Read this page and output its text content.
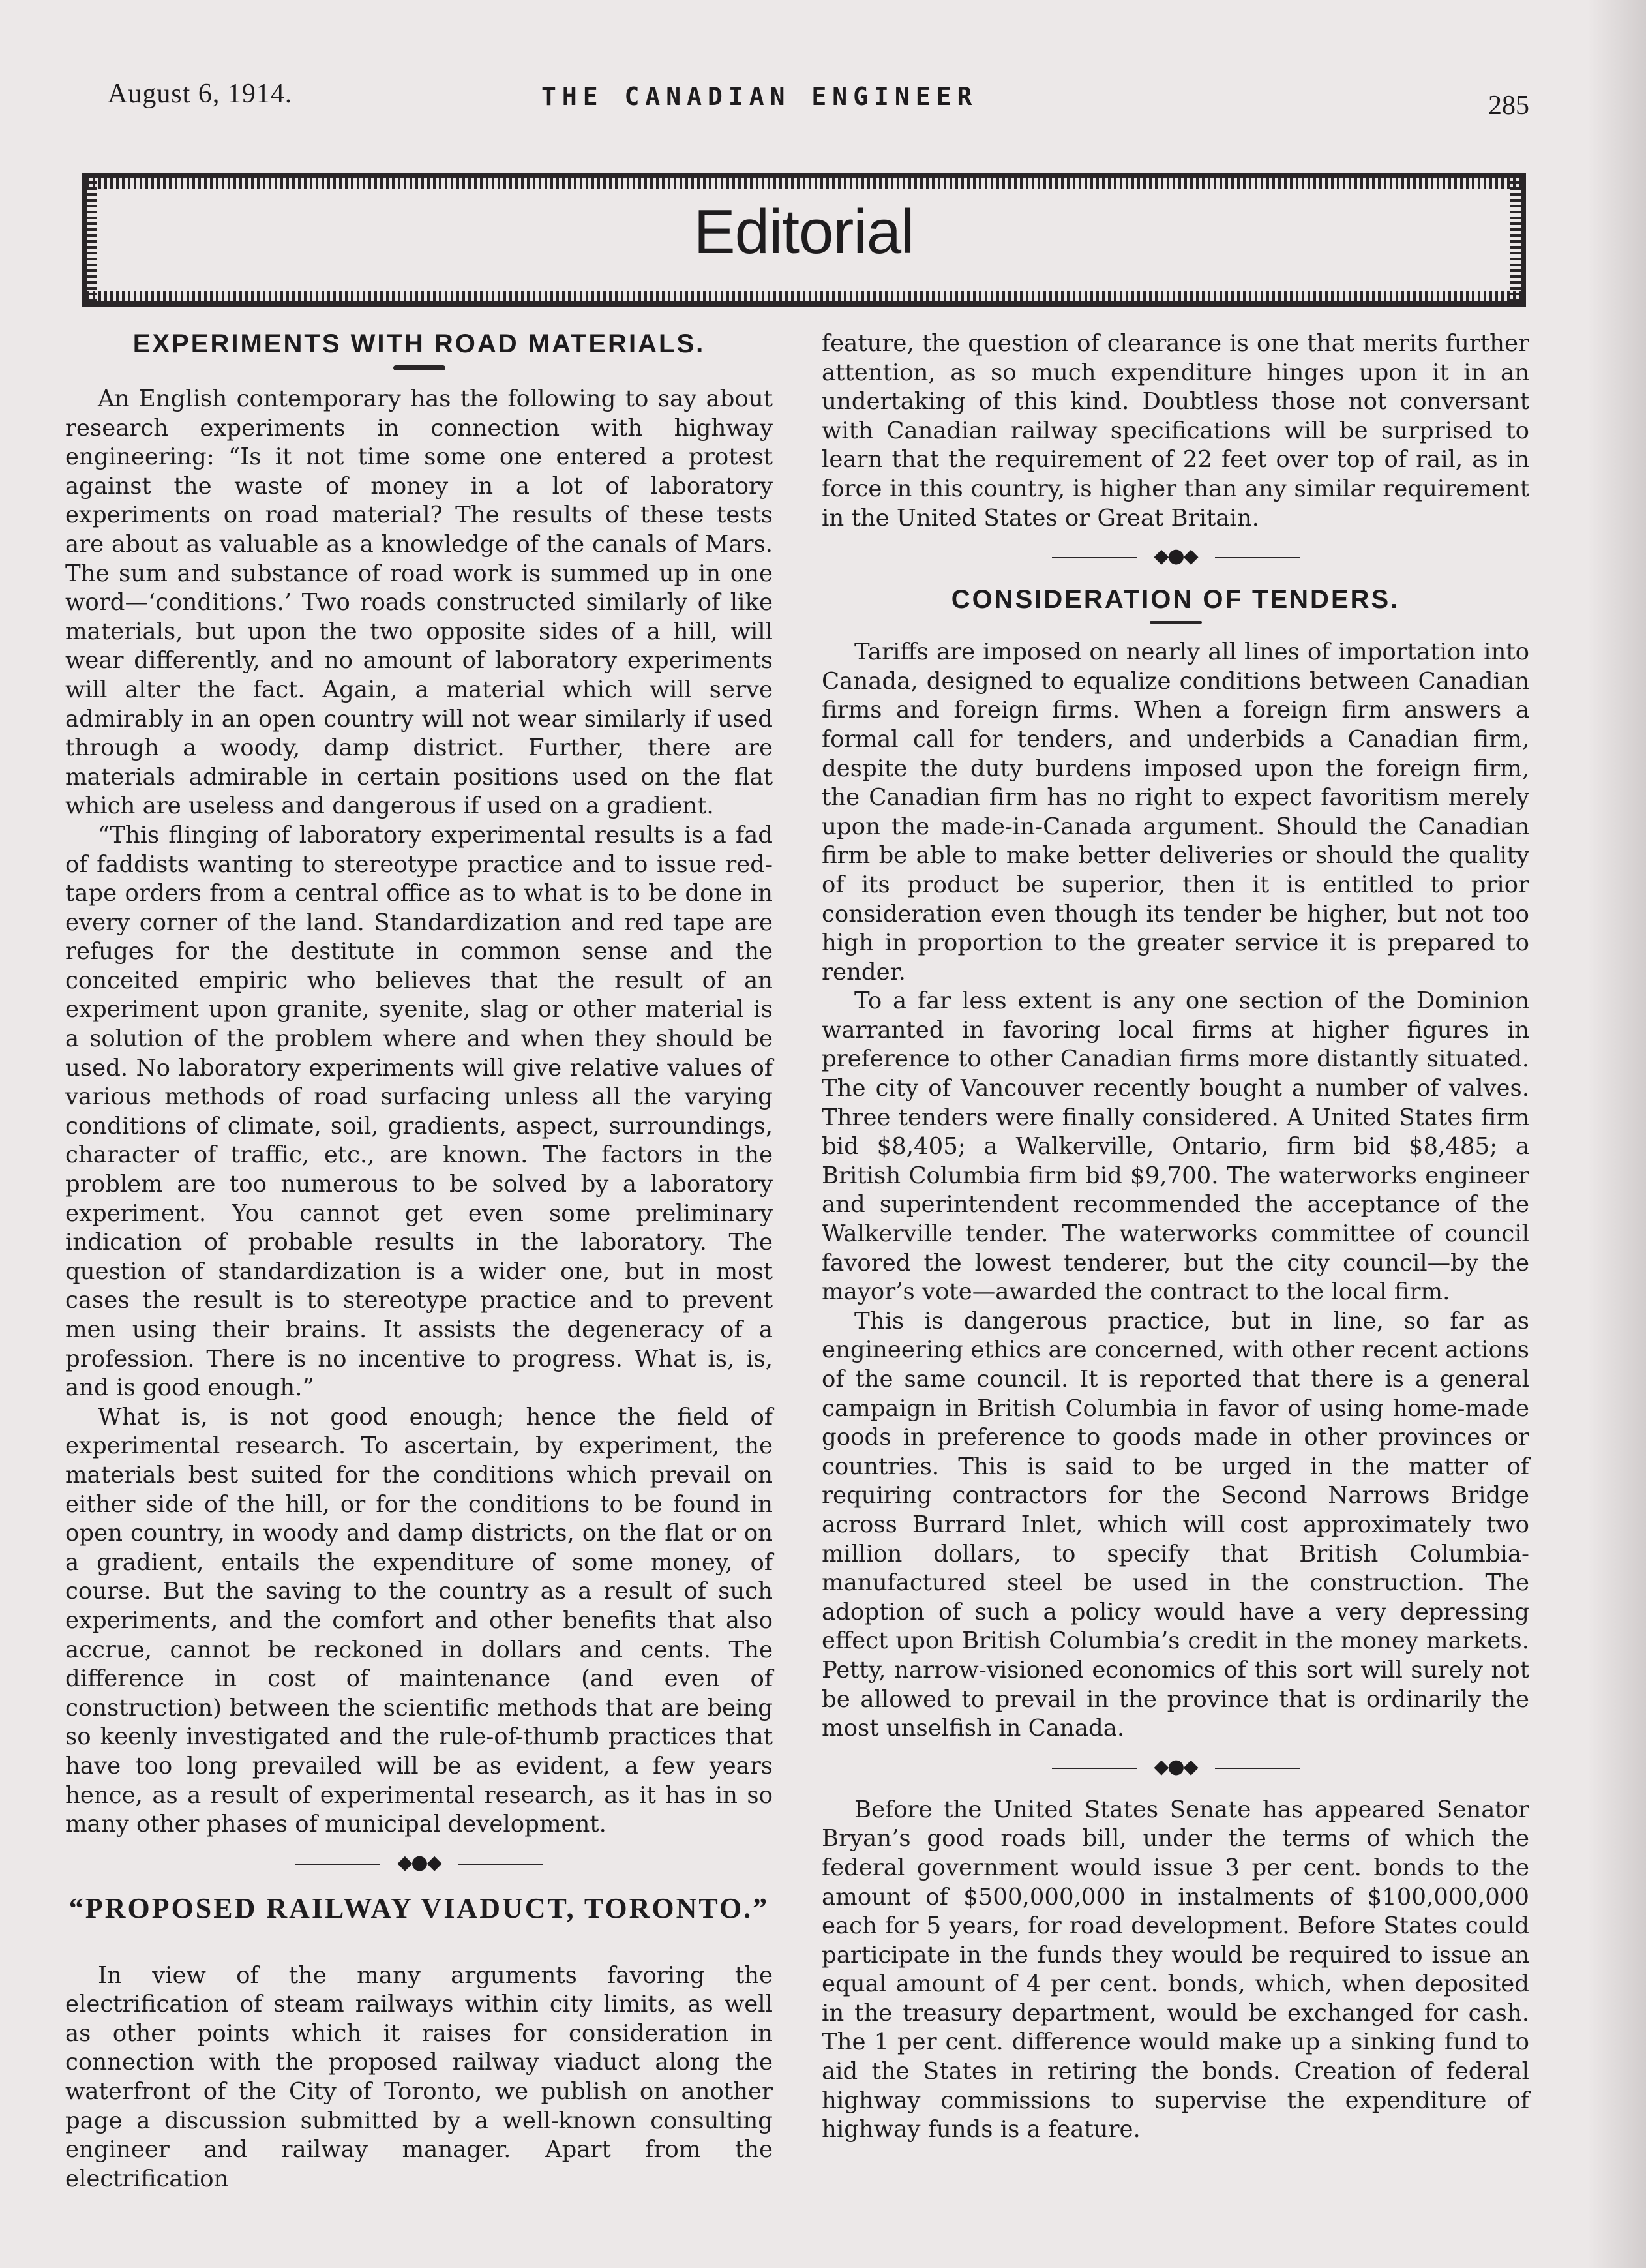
August 6, 1914.	THE CANADIAN ENGINEER	285
Editorial
EXPERIMENTS WITH ROAD MATERIALS.

An English contemporary has the following to say about research experiments in connection with highway engineering: “Is it not time some one entered a protest against the waste of money in a lot of laboratory experiments on road material? The results of these tests are about as valuable as a knowledge of the canals of Mars. The sum and substance of road work is summed up in one word—‘conditions.’ Two roads constructed similarly of like materials, but upon the two opposite sides of a hill, will wear differently, and no amount of laboratory experiments will alter the fact. Again, a material which will serve admirably in an open country will not wear similarly if used through a woody, damp district. Further, there are materials admirable in certain positions used on the flat which are useless and dangerous if used on a gradient.

“This flinging of laboratory experimental results is a fad of faddists wanting to stereotype practice and to issue red-tape orders from a central office as to what is to be done in every corner of the land. Standardization and red tape are refuges for the destitute in common sense and the conceited empiric who believes that the result of an experiment upon granite, syenite, slag or other material is a solution of the problem where and when they should be used. No laboratory experiments will give relative values of various methods of road surfacing unless all the varying conditions of climate, soil, gradients, aspect, surroundings, character of traffic, etc., are known. The factors in the problem are too numerous to be solved by a laboratory experiment. You cannot get even some preliminary indication of probable results in the laboratory. The question of standardization is a wider one, but in most cases the result is to stereotype practice and to prevent men using their brains. It assists the degeneracy of a profession. There is no incentive to progress. What is, is, and is good enough.”

What is, is not good enough; hence the field of experimental research. To ascertain, by experiment, the materials best suited for the conditions which prevail on either side of the hill, or for the conditions to be found in open country, in woody and damp districts, on the flat or on a gradient, entails the expenditure of some money, of course. But the saving to the country as a result of such experiments, and the comfort and other benefits that also accrue, cannot be reckoned in dollars and cents. The difference in cost of maintenance (and even of construction) between the scientific methods that are being so keenly investigated and the rule-of-thumb practices that have too long prevailed will be as evident, a few years hence, as a result of experimental research, as it has in so many other phases of municipal development.

◆●◆
“PROPOSED RAILWAY VIADUCT, TORONTO.”

In view of the many arguments favoring the electrification of steam railways within city limits, as well as other points which it raises for consideration in connection with the proposed railway viaduct along the waterfront of the City of Toronto, we publish on another page a discussion submitted by a well-known consulting engineer and railway manager. Apart from the electrification

feature, the question of clearance is one that merits further attention, as so much expenditure hinges upon it in an undertaking of this kind. Doubtless those not conversant with Canadian railway specifications will be surprised to learn that the requirement of 22 feet over top of rail, as in force in this country, is higher than any similar requirement in the United States or Great Britain.

◆●◆
CONSIDERATION OF TENDERS.

Tariffs are imposed on nearly all lines of importation into Canada, designed to equalize conditions between Canadian firms and foreign firms. When a foreign firm answers a formal call for tenders, and underbids a Canadian firm, despite the duty burdens imposed upon the foreign firm, the Canadian firm has no right to expect favoritism merely upon the made-in-Canada argument. Should the Canadian firm be able to make better deliveries or should the quality of its product be superior, then it is entitled to prior consideration even though its tender be higher, but not too high in proportion to the greater service it is prepared to render.

To a far less extent is any one section of the Dominion warranted in favoring local firms at higher figures in preference to other Canadian firms more distantly situated. The city of Vancouver recently bought a number of valves. Three tenders were finally considered. A United States firm bid $8,405; a Walkerville, Ontario, firm bid $8,485; a British Columbia firm bid $9,700. The waterworks engineer and superintendent recommended the acceptance of the Walkerville tender. The waterworks committee of council favored the lowest tenderer, but the city council—by the mayor’s vote—awarded the contract to the local firm.

This is dangerous practice, but in line, so far as engineering ethics are concerned, with other recent actions of the same council. It is reported that there is a general campaign in British Columbia in favor of using home-made goods in preference to goods made in other provinces or countries. This is said to be urged in the matter of requiring contractors for the Second Narrows Bridge across Burrard Inlet, which will cost approximately two million dollars, to specify that British Columbia-manufactured steel be used in the construction. The adoption of such a policy would have a very depressing effect upon British Columbia’s credit in the money markets. Petty, narrow-visioned economics of this sort will surely not be allowed to prevail in the province that is ordinarily the most unselfish in Canada.

◆●◆

Before the United States Senate has appeared Senator Bryan’s good roads bill, under the terms of which the federal government would issue 3 per cent. bonds to the amount of $500,000,000 in instalments of $100,000,000 each for 5 years, for road development. Before States could participate in the funds they would be required to issue an equal amount of 4 per cent. bonds, which, when deposited in the treasury department, would be exchanged for cash. The 1 per cent. difference would make up a sinking fund to aid the States in retiring the bonds. Creation of federal highway commissions to supervise the expenditure of highway funds is a feature.
